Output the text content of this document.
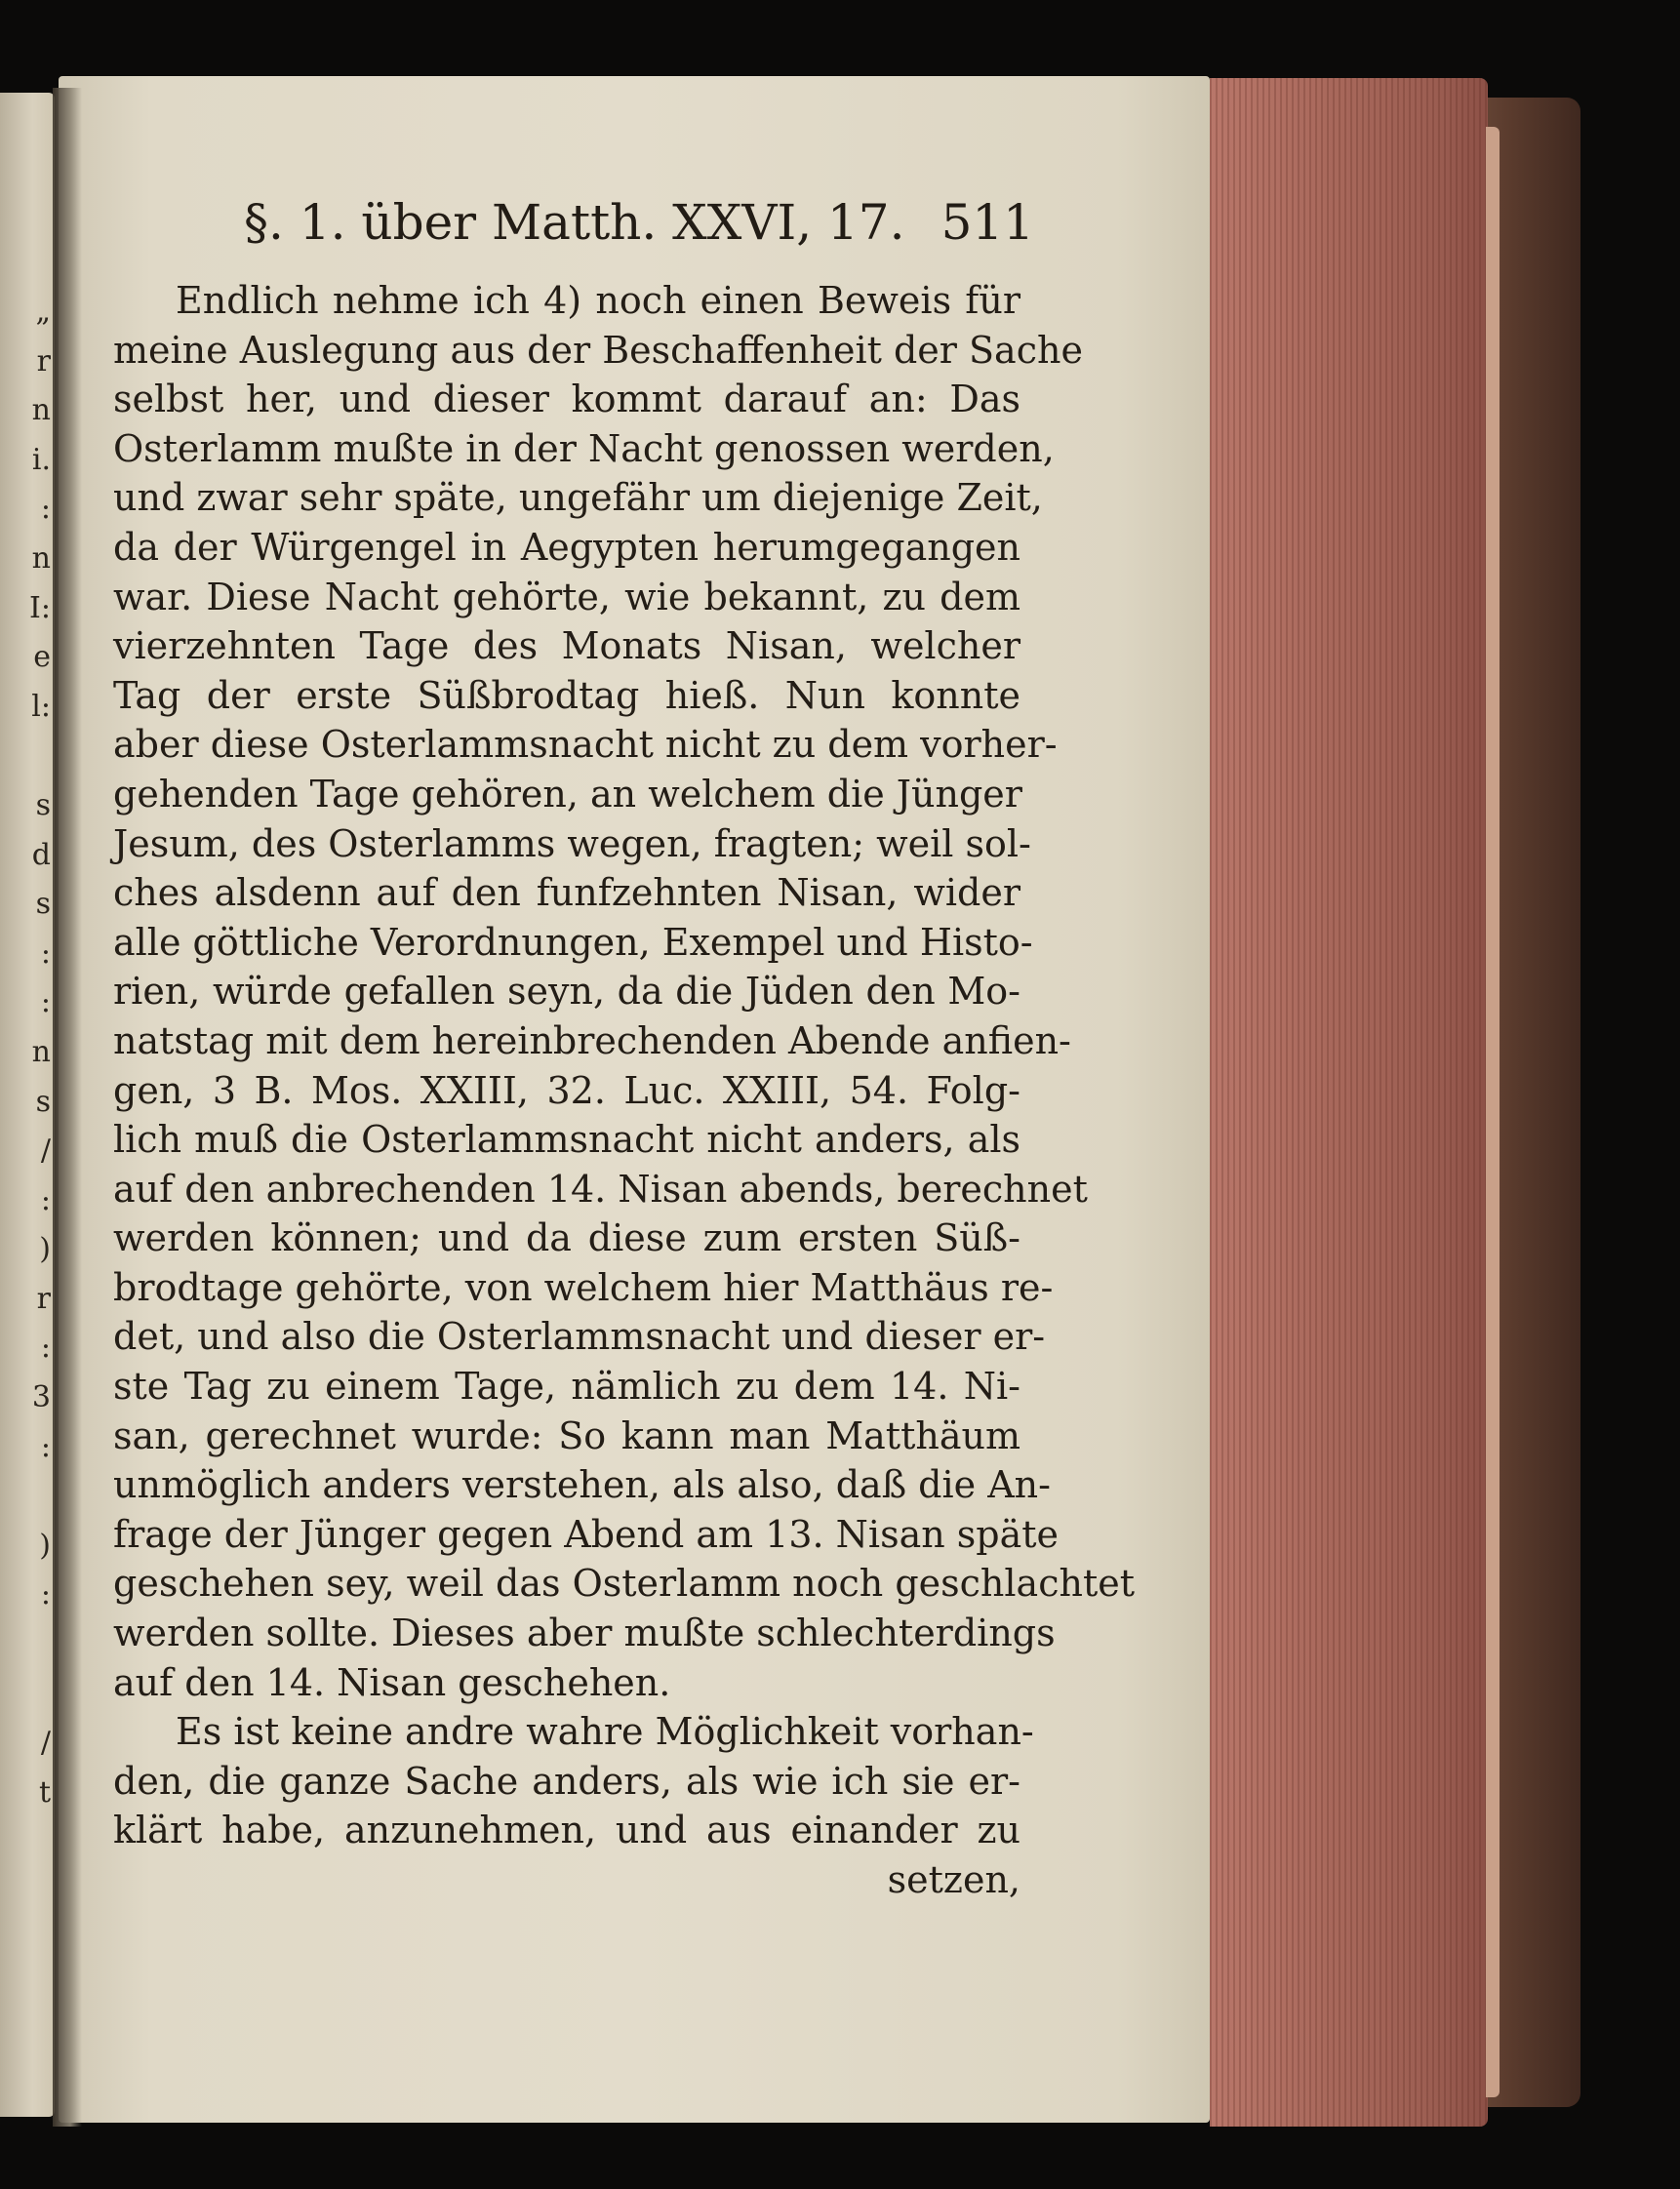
„
r
n
i.
:
n
I:
e
l:
s
d
s
:
:
n
s
/
:
)
r
:
3
:
)
:
/
t
§. 1. über Matth. XXVI, 17. 511
Endlich nehme ich 4) noch einen Beweis für
meine Auslegung aus der Beschaffenheit der Sache
selbst her, und dieser kommt darauf an: Das
Osterlamm mußte in der Nacht genossen werden,
und zwar sehr späte, ungefähr um diejenige Zeit,
da der Würgengel in Aegypten herumgegangen
war. Diese Nacht gehörte, wie bekannt, zu dem
vierzehnten Tage des Monats Nisan, welcher
Tag der erste Süßbrodtag hieß. Nun konnte
aber diese Osterlammsnacht nicht zu dem vorher-
gehenden Tage gehören, an welchem die Jünger
Jesum, des Osterlamms wegen, fragten; weil sol-
ches alsdenn auf den funfzehnten Nisan, wider
alle göttliche Verordnungen, Exempel und Histo-
rien, würde gefallen seyn, da die Jüden den Mo-
natstag mit dem hereinbrechenden Abende anfien-
gen, 3 B. Mos. XXIII, 32. Luc. XXIII, 54. Folg-
lich muß die Osterlammsnacht nicht anders, als
auf den anbrechenden 14. Nisan abends, berechnet
werden können; und da diese zum ersten Süß-
brodtage gehörte, von welchem hier Matthäus re-
det, und also die Osterlammsnacht und dieser er-
ste Tag zu einem Tage, nämlich zu dem 14. Ni-
san, gerechnet wurde: So kann man Matthäum
unmöglich anders verstehen, als also, daß die An-
frage der Jünger gegen Abend am 13. Nisan späte
geschehen sey, weil das Osterlamm noch geschlachtet
werden sollte. Dieses aber mußte schlechterdings
auf den 14. Nisan geschehen.
Es ist keine andre wahre Möglichkeit vorhan-
den, die ganze Sache anders, als wie ich sie er-
klärt habe, anzunehmen, und aus einander zu
setzen,
